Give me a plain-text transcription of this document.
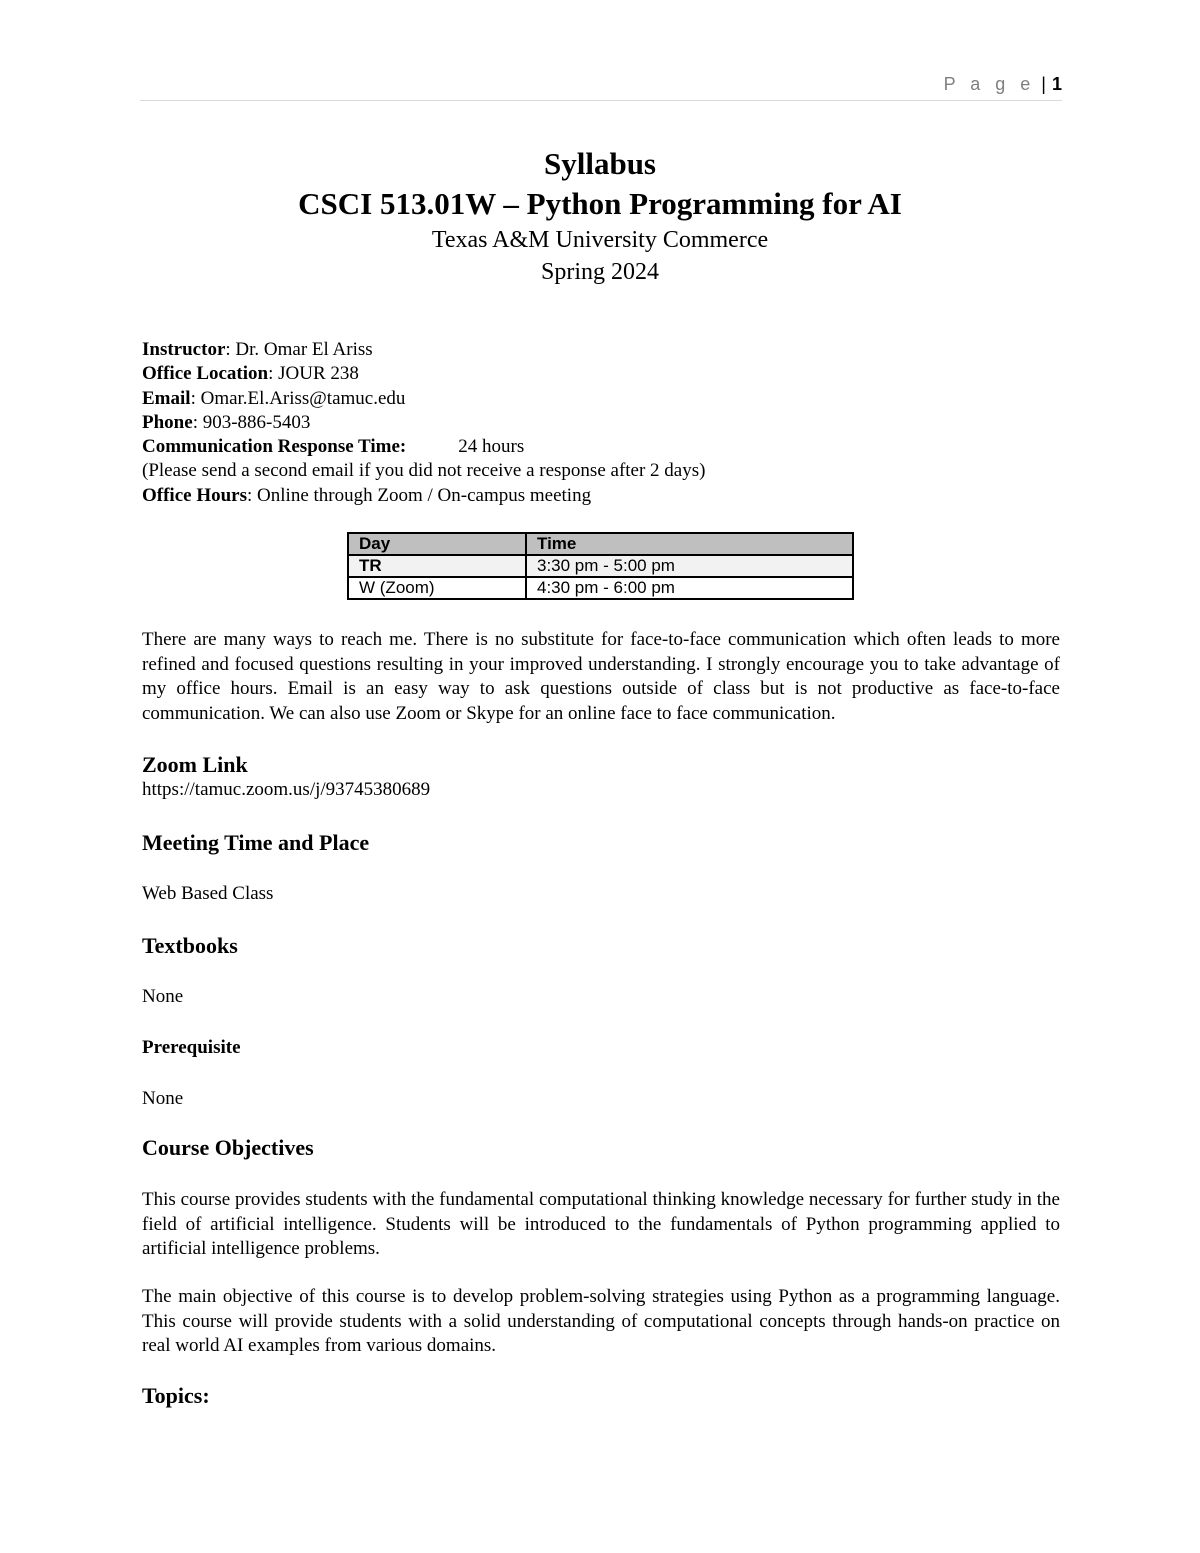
P a g e | 1
Syllabus
CSCI 513.01W – Python Programming for AI
Texas A&M University Commerce
Spring 2024
Instructor: Dr. Omar El Ariss
Office Location: JOUR 238
Email: Omar.El.Ariss@tamuc.edu
Phone: 903-886-5403
Communication Response Time:	24 hours
(Please send a second email if you did not receive a response after 2 days)
Office Hours: Online through Zoom / On-campus meeting
Day	Time
TR	3:30 pm - 5:00 pm
W (Zoom)	4:30 pm - 6:00 pm
There are many ways to reach me. There is no substitute for face-to-face communication which often leads to more refined and focused questions resulting in your improved understanding. I strongly encourage you to take advantage of my office hours. Email is an easy way to ask questions outside of class but is not productive as face-to-face communication. We can also use Zoom or Skype for an online face to face communication.
Zoom Link
https://tamuc.zoom.us/j/93745380689
Meeting Time and Place
Web Based Class
Textbooks
None
Prerequisite
None
Course Objectives
This course provides students with the fundamental computational thinking knowledge necessary for further study in the field of artificial intelligence. Students will be introduced to the fundamentals of Python programming applied to artificial intelligence problems.
The main objective of this course is to develop problem-solving strategies using Python as a programming language. This course will provide students with a solid understanding of computational concepts through hands-on practice on real world AI examples from various domains.
Topics:
